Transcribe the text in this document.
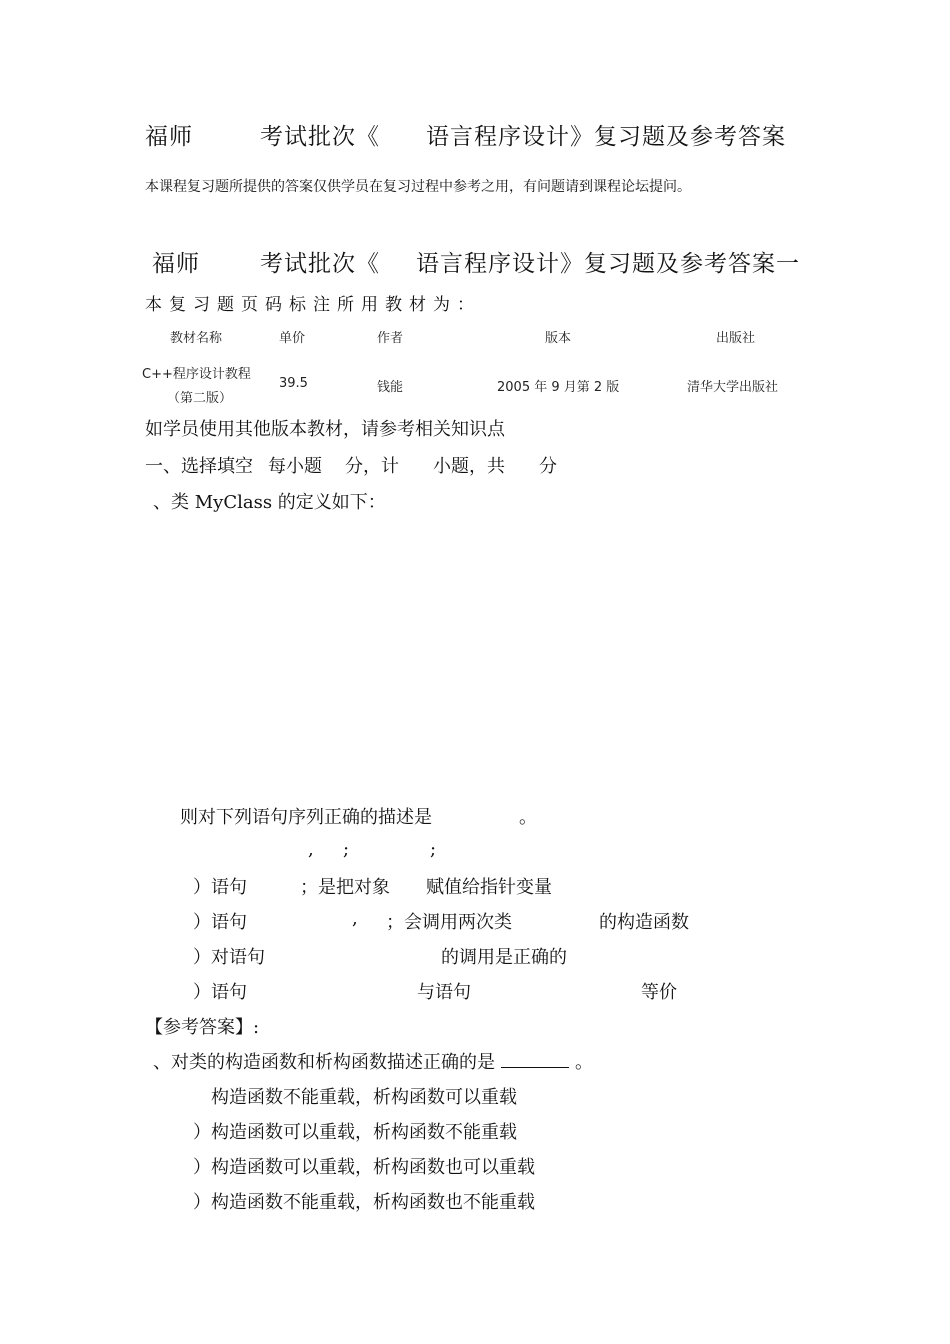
福师	考试批次《 语言程序设计》复习题及参考答案
本课程复习题所提供的答案仅供学员在复习过程中参考之用，有问题请到课程论坛提问。
福师	考试批次《 语言程序设计》复习题及参考答案一
本复习题页码标注所用教材为：
教材名称	单价	作者	版本	出版社
C++程序设计教程
（第二版）
39.5	钱能	2005 年 9 月第 2 版	清华大学出版社
如学员使用其他版本教材，请参考相关知识点
一、选择填空 每小题 分，计 小题，共 分
、类 MyClass 的定义如下：
则对下列语句序列正确的描述是	。
, ;	;
）语句	；是把对象 赋值给指针变量
）语句	, ；会调用两次类	的构造函数
）对语句	的调用是正确的
）语句	与语句	等价
【参考答案】:
、对类的构造函数和析构函数描述正确的是	。
构造函数不能重载，析构函数可以重载
）构造函数可以重载，析构函数不能重载
）构造函数可以重载，析构函数也可以重载
）构造函数不能重载，析构函数也不能重载
